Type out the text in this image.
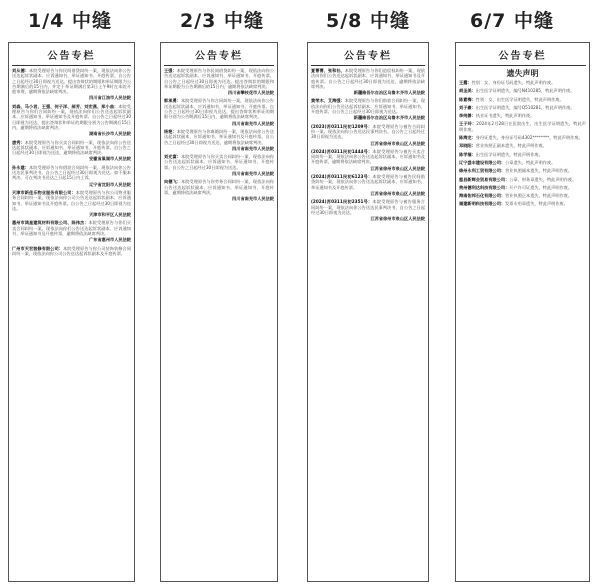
1/4 中缝	2/3 中缝	5/8 中缝	6/7 中缝
公告专栏
刘从德：本院受理原告与你民间借贷纠纷一案，现依法向你公告送达起诉状副本、应诉通知书、举证通知书、开庭传票。自公告之日起经过30日即视为送达。提出答辩状的期限和举证期限为公告期满后的15日内，并定于举证期满后第3日上午9时在本院开庭审理，逾期将依法缺席判决。
四川省江油市人民法院
刘森、马小君、王强、何子洋、郝芳、刘宏燕、郑小曲：本院受理原告与你们合同纠纷一案，现依法向你们公告送达起诉状副本、应诉通知书、举证通知书及开庭传票。自公告之日起经过30日即视为送达，提出答辩状和举证的期限分别为公告期满后15日内，逾期将依法缺席判决。
湖南省长沙市人民法院
唐秀：本院受理原告与你买卖合同纠纷一案，现依法向你公告送达起诉状副本、应诉通知书、举证通知书、开庭传票。自公告之日起经过30日即视为送达，逾期将依法缺席判决。
安徽省巢湖市人民法院
孙永建：本院受理原告与你借款合同纠纷一案，现依法向你公告送达民事判决书。自公告之日起经过30日即视为送达。如不服本判决，可在判决书送达之日起15日内上诉。
辽宁省沈阳市人民法院
天津市新佳乐物业服务有限公司：本院受理原告与你公司物业服务合同纠纷一案，现依法向你公司公告送达起诉状副本、应诉通知书、举证通知书及开庭传票。自公告之日起经过30日即视为送达。
天津市和平区人民法院
惠州市鸿星建筑材料有限公司、陈伟杰：本院受理原告与你们买卖合同纠纷一案，现依法向你们公告送达起诉状副本、应诉通知书、举证通知书及开庭传票，逾期将依法缺席判决。
广东省惠州市人民法院
广州市天宏装修有限公司：本院受理原告与你公司装饰装修合同纠纷一案，现依法向你公司公告送达起诉状副本及开庭传票。
公告专栏
王强：本院受理原告与你民间借贷纠纷一案，现依法向你公告送达起诉状副本、应诉通知书、举证通知书、开庭传票。自公告之日起经过30日即视为送达。提出答辩状的期限和举证期限为公告期满后的15日内，逾期将依法缺席判决。
四川省攀枝花市人民法院
郭承勇：本院受理原告与你合同纠纷一案，现依法向你公告送达起诉状副本、应诉通知书、举证通知书、开庭传票。自公告之日起经过30日即视为送达，提出答辩状和举证的期限分别为公告期满后15日内，逾期将依法缺席判决。
四川省南充市人民法院
杨艳：本院受理原告与你离婚纠纷一案，现依法向你公告送达起诉状副本、应诉通知书、举证通知书及开庭传票。自公告之日起经过30日即视为送达，逾期将依法缺席判决。
四川省南充市人民法院
刘光富：本院受理原告与你买卖合同纠纷一案，现依法向你公告送达起诉状副本、应诉通知书、举证通知书、开庭传票。自公告之日起经过30日即视为送达。
四川省南充市人民法院
向德飞：本院受理原告与你劳务合同纠纷一案，现依法向你公告送达起诉状副本、应诉通知书、举证通知书、开庭传票，逾期将依法缺席判决。
四川省南充市人民法院
公告专栏
夏菁菁、张和社、本院受理原告与你们追偿权纠纷一案，现依法向你们公告送达起诉状副本、应诉通知书、举证通知书及开庭传票。自公告之日起经过30日即视为送达，逾期将依法缺席判决。
新疆维吾尔自治区乌鲁木齐市人民法院
黄荣木、艾海强：本院受理原告与你们借款合同纠纷一案，现依法向你们公告送达起诉状副本、应诉通知书、举证通知书、开庭传票。自公告之日起经过30日即视为送达。
新疆维吾尔自治区乌鲁木齐市人民法院
(2023)苏0311民初1209号：本院受理原告与被告合同纠纷一案，现依法向你公告送达民事判决书。自公告之日起经过30日即视为送达。
江苏省徐州市泉山区人民法院
(2024)苏0311民初1444号：本院受理原告与被告买卖合同纠纷一案，现依法向你公告送达起诉状副本、应诉通知书及开庭传票，逾期将依法缺席判决。
江苏省徐州市泉山区人民法院
(2024)苏0311民初6123号：本院受理原告与被告民间借贷纠纷一案，现依法向你公告送达起诉状副本、应诉通知书、举证通知书及开庭传票。
江苏省徐州市泉山区人民法院
(2024)苏0311民初2351号：本院受理原告与被告服务合同纠纷一案，现依法向你公告送达民事判决书，自公告之日起经过30日即视为送达。
江苏省徐州市泉山区人民法院
公告专栏
遗失声明
王露：性别：女，身份证号码遗失，特此声明作废。
胡圣美：出生医学证明遗失，编号N410285，特此声明作废。
陈素梅：性别：女，出生医学证明遗失，特此声明作废。
刘子豪：出生医学证明遗失，编号Q510281，特此声明作废。
李纯善：执业证书遗失，特此声明作废。
王子玲：2024年2月28日在医院出生，出生医学证明遗失，特此声明作废。
陈海龙：身份证遗失，身份证号码4302********，特此声明作废。
邓晓阳：营业执照正副本遗失，特此声明作废。
陈学福：出生医学证明遗失，特此声明作废。
辽宁盛丰建设有限公司：公章遗失，特此声明作废。
绵州永利工贸有限公司：营业执照副本遗失，特此声明作废。
慈县新辉会贸易有限公司：公章、财务章遗失，特此声明作废。
贵州德利达科技有限公司：开户许可证遗失，特此声明作废。
海南佑邦石化有限公司：营业执照正本遗失，特此声明作废。
福建新明科技有限公司：发票专用章遗失，特此声明作废。
